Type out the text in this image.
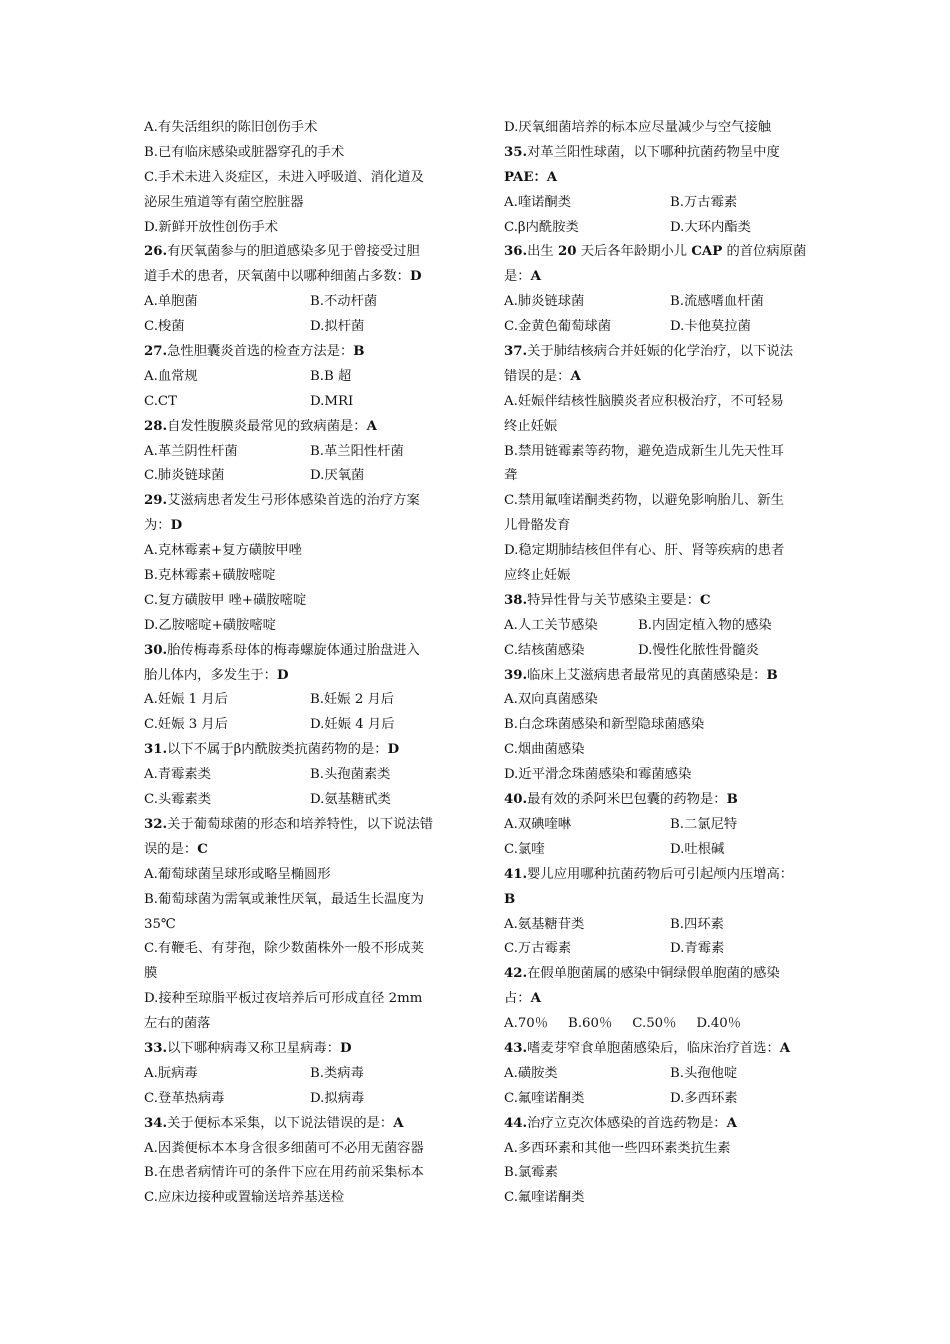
A.有失活组织的陈旧创伤手术
B.已有临床感染或脏器穿孔的手术
C.手术未进入炎症区，未进入呼吸道、消化道及
泌尿生殖道等有菌空腔脏器
D.新鲜开放性创伤手术
26.有厌氧菌参与的胆道感染多见于曾接受过胆
道手术的患者，厌氧菌中以哪种细菌占多数：D
A.单胞菌	B.不动杆菌
C.梭菌	D.拟杆菌
27.急性胆囊炎首选的检查方法是：B
A.血常规	B.B 超
C.CT	D.MRI
28.自发性腹膜炎最常见的致病菌是：A
A.革兰阴性杆菌	B.革兰阳性杆菌
C.肺炎链球菌	D.厌氧菌
29.艾滋病患者发生弓形体感染首选的治疗方案
为：D
A.克林霉素+复方磺胺甲唑
B.克林霉素+磺胺嘧啶
C.复方磺胺甲 唑+磺胺嘧啶
D.乙胺嘧啶+磺胺嘧啶
30.胎传梅毒系母体的梅毒螺旋体通过胎盘进入
胎儿体内，多发生于：D
A.妊娠 1 月后	B.妊娠 2 月后
C.妊娠 3 月后	D.妊娠 4 月后
31.以下不属于β内酰胺类抗菌药物的是：D
A.青霉素类	B.头孢菌素类
C.头霉素类	D.氨基糖甙类
32.关于葡萄球菌的形态和培养特性，以下说法错
误的是：C
A.葡萄球菌呈球形或略呈椭圆形
B.葡萄球菌为需氧或兼性厌氧，最适生长温度为
35℃
C.有鞭毛、有芽孢，除少数菌株外一般不形成荚
膜
D.接种至琼脂平板过夜培养后可形成直径 2mm
左右的菌落
33.以下哪种病毒又称卫星病毒：D
A.朊病毒	B.类病毒
C.登革热病毒	D.拟病毒
34.关于便标本采集，以下说法错误的是：A
A.因粪便标本本身含很多细菌可不必用无菌容器
B.在患者病情许可的条件下应在用药前采集标本
C.应床边接种或置输送培养基送检
D.厌氧细菌培养的标本应尽量减少与空气接触
35.对革兰阳性球菌，以下哪种抗菌药物呈中度
PAE：A
A.喹诺酮类	B.万古霉素
C.β内酰胺类	D.大环内酯类
36.出生 20 天后各年龄期小儿 CAP 的首位病原菌
是：A
A.肺炎链球菌	B.流感嗜血杆菌
C.金黄色葡萄球菌	D.卡他莫拉菌
37.关于肺结核病合并妊娠的化学治疗，以下说法
错误的是：A
A.妊娠伴结核性脑膜炎者应积极治疗，不可轻易
终止妊娠
B.禁用链霉素等药物，避免造成新生儿先天性耳
聋
C.禁用氟喹诺酮类药物，以避免影响胎儿、新生
儿骨骼发育
D.稳定期肺结核但伴有心、肝、肾等疾病的患者
应终止妊娠
38.特异性骨与关节感染主要是：C
A.人工关节感染	B.内固定植入物的感染
C.结核菌感染	D.慢性化脓性骨髓炎
39.临床上艾滋病患者最常见的真菌感染是：B
A.双向真菌感染
B.白念珠菌感染和新型隐球菌感染
C.烟曲菌感染
D.近平滑念珠菌感染和霉菌感染
40.最有效的杀阿米巴包囊的药物是：B
A.双碘喹啉	B.二氯尼特
C.氯喹	D.吐根碱
41.婴儿应用哪种抗菌药物后可引起颅内压增高：
B
A.氨基糖苷类	B.四环素
C.万古霉素	D.青霉素
42.在假单胞菌属的感染中铜绿假单胞菌的感染
占：A
A.70％ B.60％ C.50％ D.40％
43.嗜麦芽窄食单胞菌感染后，临床治疗首选：A
A.磺胺类	B.头孢他啶
C.氟喹诺酮类	D.多西环素
44.治疗立克次体感染的首选药物是：A
A.多西环素和其他一些四环素类抗生素
B.氯霉素
C.氟喹诺酮类
